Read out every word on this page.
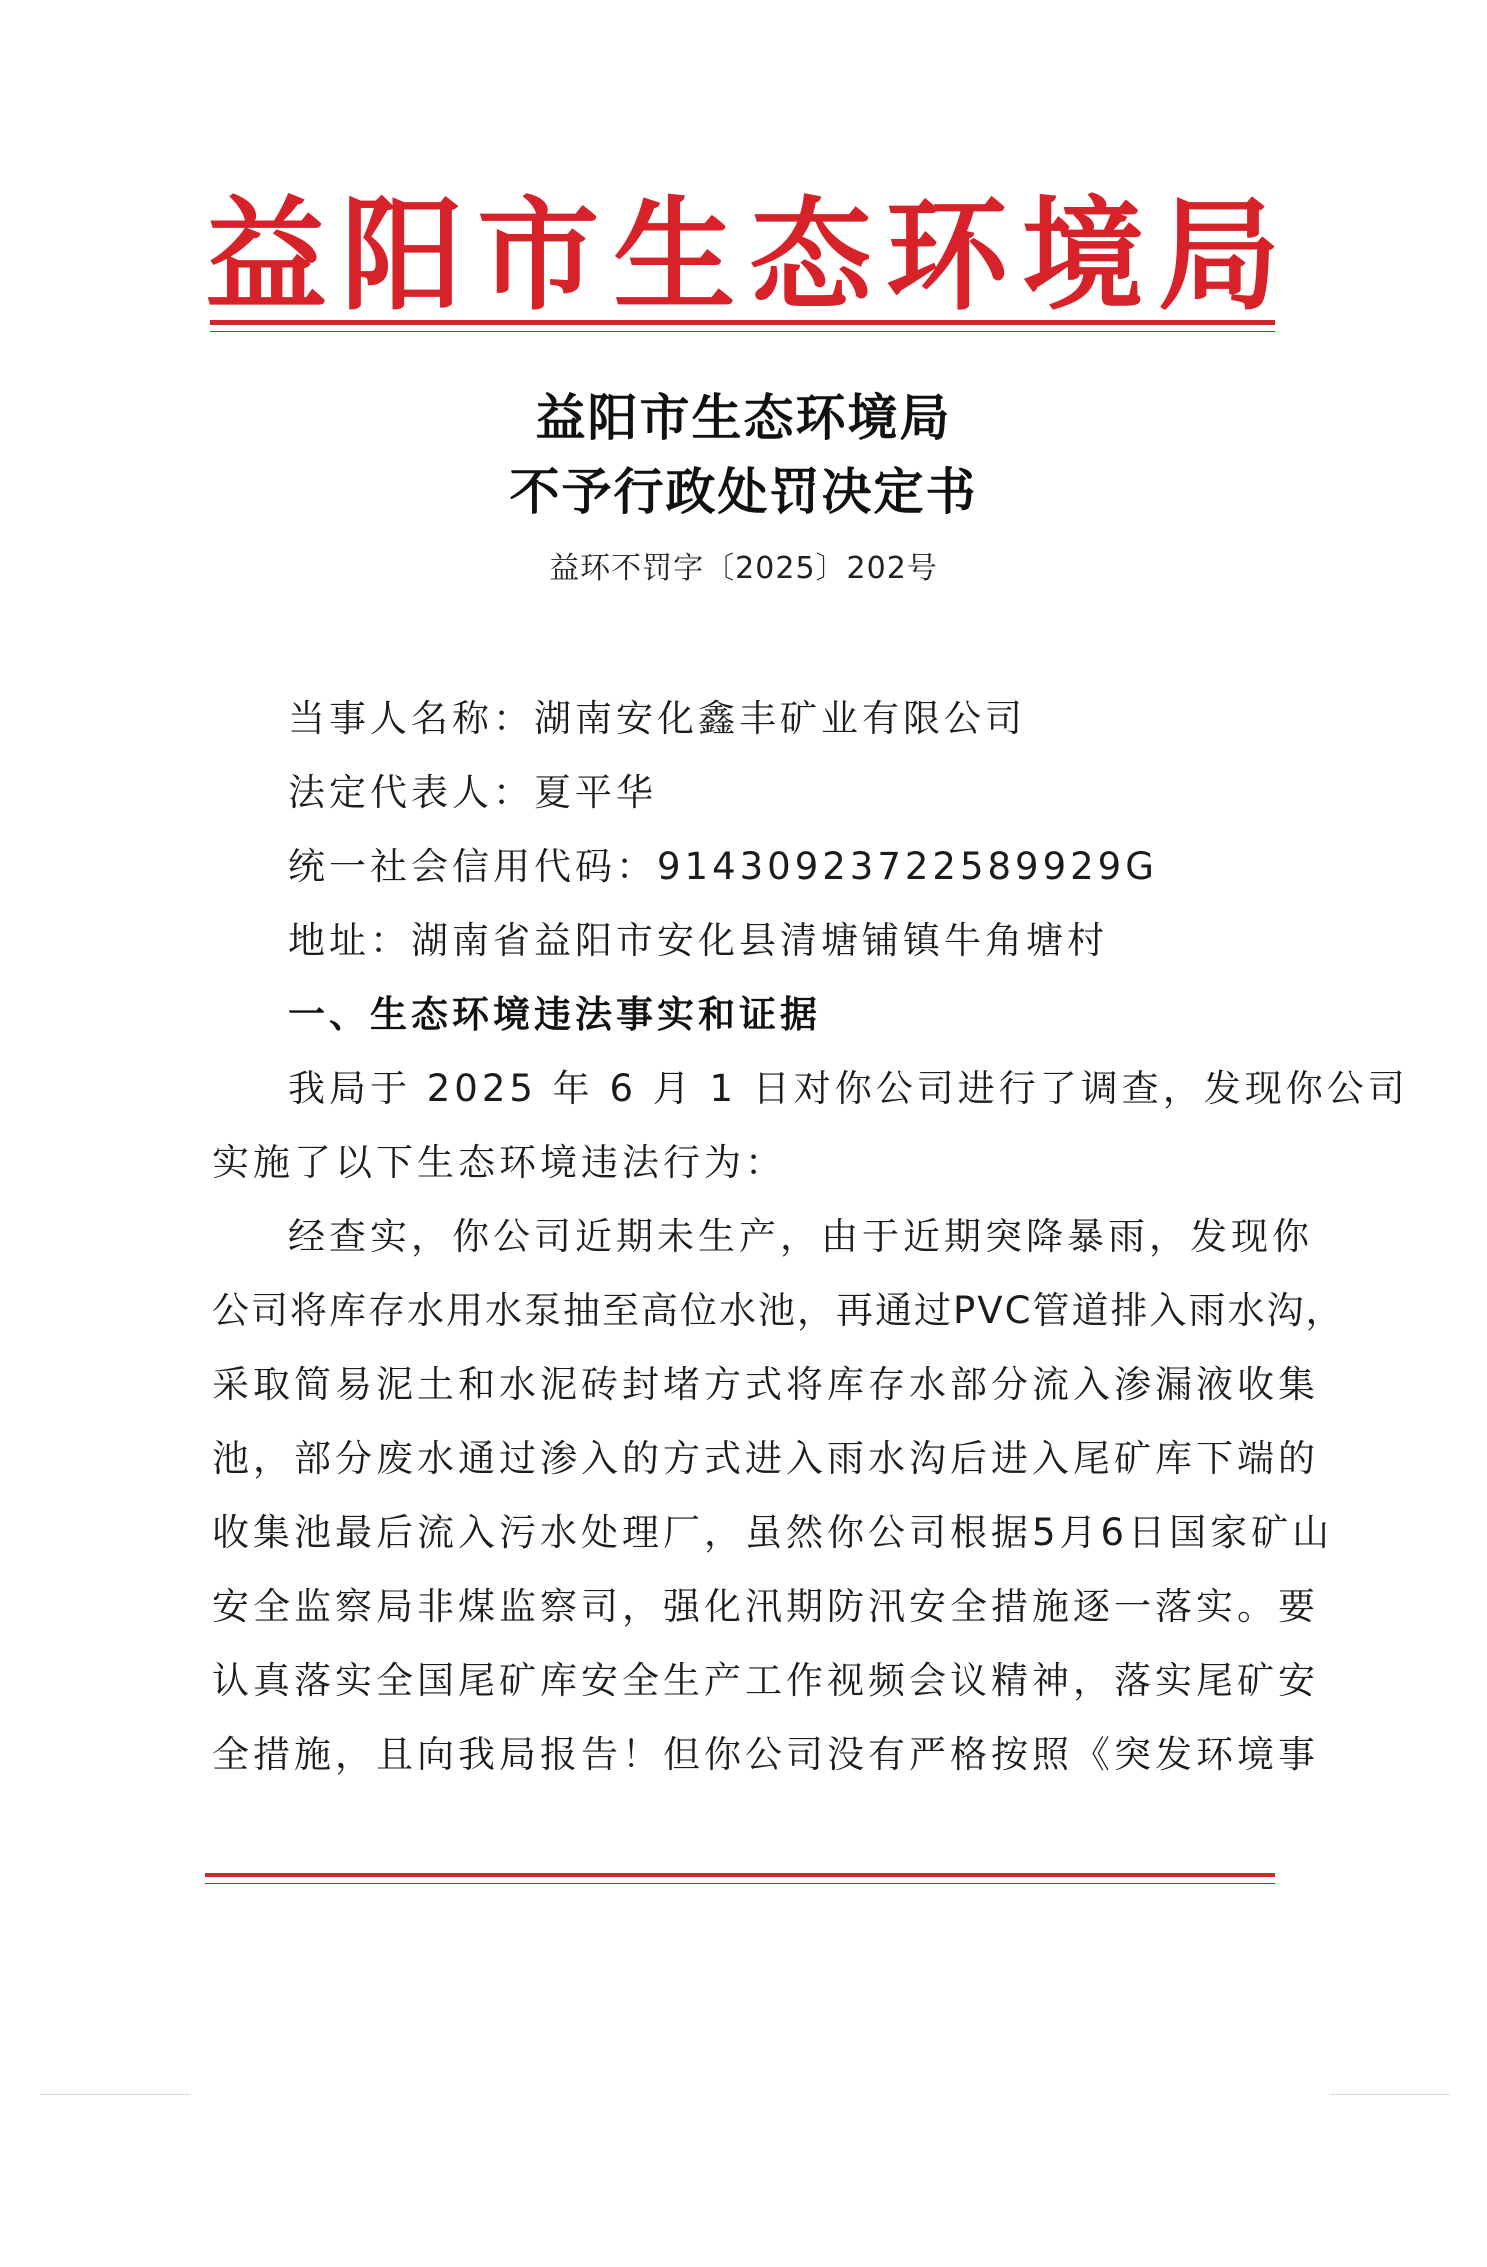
益 阳 市 生 态 环 境 局
益阳市生态环境局
不予行政处罚决定书
益环不罚字〔2025〕202号
当事人名称：湖南安化鑫丰矿业有限公司
法定代表人：夏平华
统一社会信用代码：91430923722589929G
地址：湖南省益阳市安化县清塘铺镇牛角塘村
一、生态环境违法事实和证据
我局于 2025 年 6 月 1 日对你公司进行了调查，发现你公司
实施了以下生态环境违法行为：
经查实，你公司近期未生产，由于近期突降暴雨，发现你
公司将库存水用水泵抽至高位水池，再通过PVC管道排入雨水沟，
采取简易泥土和水泥砖封堵方式将库存水部分流入渗漏液收集
池，部分废水通过渗入的方式进入雨水沟后进入尾矿库下端的
收集池最后流入污水处理厂，虽然你公司根据5月6日国家矿山
安全监察局非煤监察司，强化汛期防汛安全措施逐一落实。要
认真落实全国尾矿库安全生产工作视频会议精神，落实尾矿安
全措施，且向我局报告！但你公司没有严格按照《突发环境事
